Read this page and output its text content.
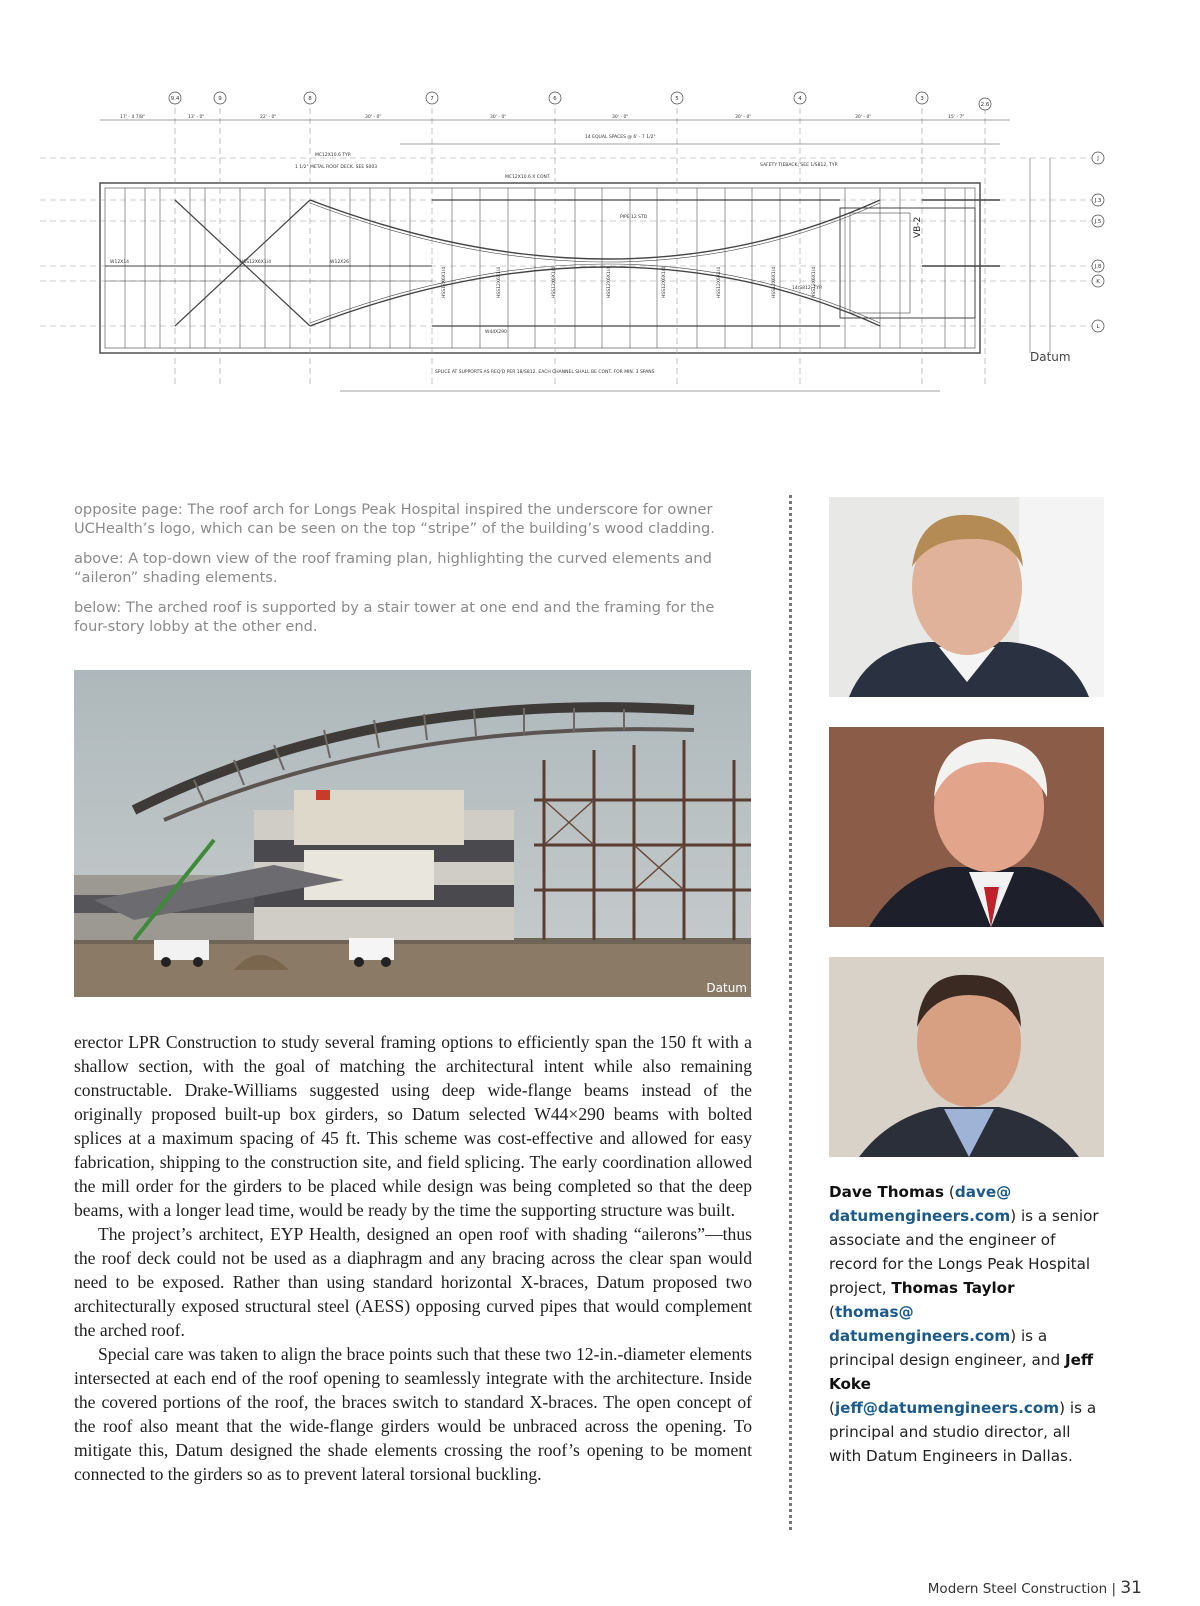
9.4	9	8	7	6	5	4	3
2.6
J
J.3
J.5
J.8
K
L
17' - 4 7/8"	13' - 0"	22' - 0"	30' - 0"	30' - 0"	30' - 0"	30' - 0"	30' - 0"	15' - 7"
14 EQUAL SPACES @ 6' - 7 1/2"
MC12X10.6 TYP.
1 1/2" METAL ROOF DECK. SEE S003
MC12X10.6 X CONT.
SAFETY TIEBACK; SEE 1/S812, TYP.
SPLICE AT SUPPORTS AS REQ'D PER 18/S812. EACH CHANNEL SHALL BE CONT. FOR MIN. 3 SPANS
PIPE 12 STD
W44X290
14/S812, TYP.
W12X14	HSS12X6X1/4	W12X26
VB-2
HSS12X6X1/4	HSS12X6X1/4	HSS12X6X1/4	HSS12X6X1/4	HSS12X6X1/4	HSS12X6X1/4	HSS12X6X1/4	HSS12X6X1/4
Datum

opposite page: The roof arch for Longs Peak Hospital inspired the underscore for owner UCHealth’s logo, which can be seen on the top “stripe” of the building’s wood cladding.

above: A top-down view of the roof framing plan, highlighting the curved elements and “aileron” shading elements.

below: The arched roof is supported by a stair tower at one end and the framing for the four-story lobby at the other end.

Datum

erector LPR Construction to study several framing options to efficiently span the 150 ft with a shallow section, with the goal of matching the architectural intent while also remaining constructable. Drake-Williams suggested using deep wide-flange beams instead of the originally proposed built-up box girders, so Datum selected W44×290 beams with bolted splices at a maximum spacing of 45 ft. This scheme was cost-effective and allowed for easy fabrication, shipping to the construction site, and field splicing. The early coordination allowed the mill order for the girders to be placed while design was being completed so that the deep beams, with a longer lead time, would be ready by the time the supporting structure was built.

The project’s architect, EYP Health, designed an open roof with shading “ailerons”—thus the roof deck could not be used as a diaphragm and any bracing across the clear span would need to be exposed. Rather than using standard horizontal X-braces, Datum proposed two architecturally exposed structural steel (AESS) opposing curved pipes that would complement the arched roof.

Special care was taken to align the brace points such that these two 12-in.-diameter elements intersected at each end of the roof opening to seamlessly integrate with the architecture. Inside the covered portions of the roof, the braces switch to standard X-braces. The open concept of the roof also meant that the wide-flange girders would be unbraced across the opening. To mitigate this, Datum designed the shade elements crossing the roof’s opening to be moment connected to the girders so as to prevent lateral torsional buckling.

Dave Thomas (dave@
datumengineers.com) is a senior associate and the engineer of record for the Longs Peak Hospital project, Thomas Taylor (thomas@
datumengineers.com) is a principal design engineer, and Jeff Koke
(jeff@datumengineers.com) is a principal and studio director, all with Datum Engineers in Dallas.
Modern Steel Construction | 31
